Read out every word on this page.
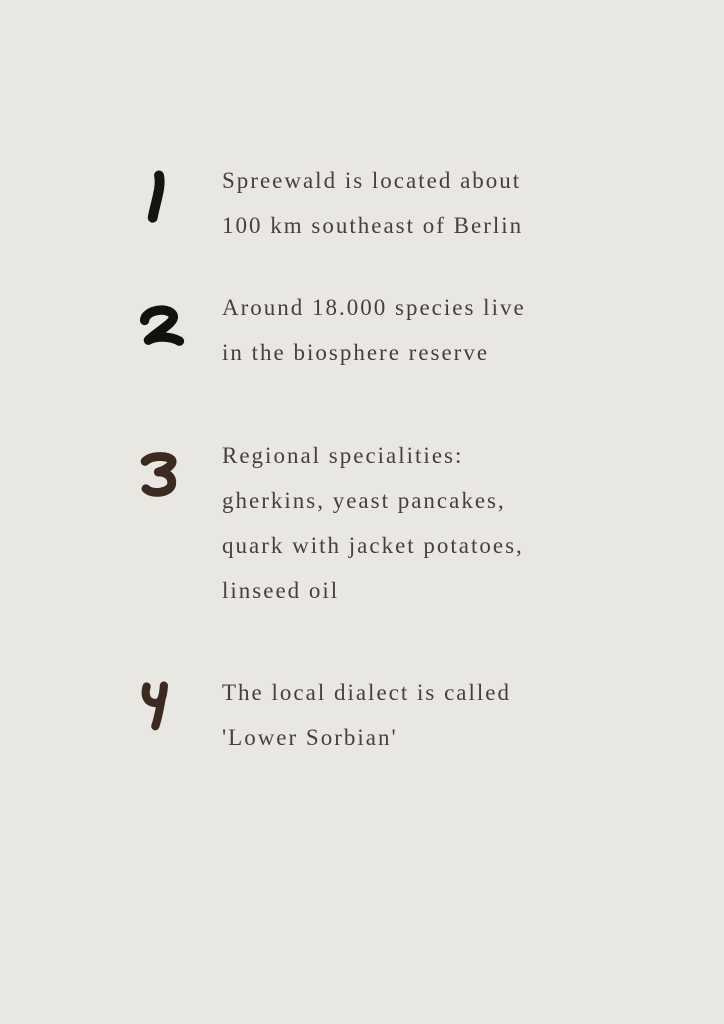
Spreewald is located about
100 km southeast of Berlin
Around 18.000 species live
in the biosphere reserve
Regional specialities:
gherkins, yeast pancakes,
quark with jacket potatoes,
linseed oil
The local dialect is called
'Lower Sorbian'
